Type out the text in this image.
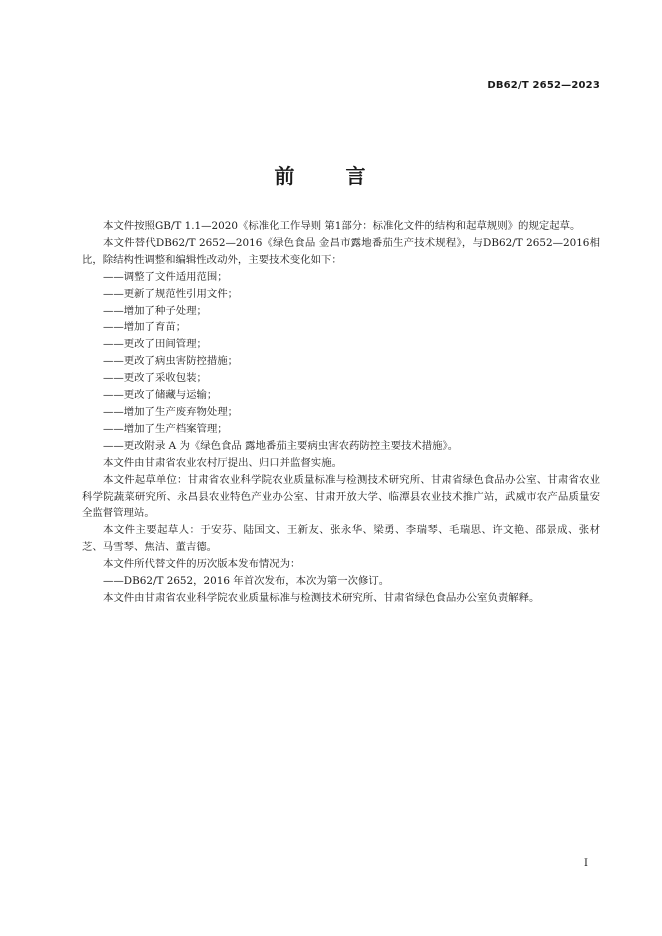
DB62/T 2652—2023
前 言

本文件按照GB/T 1.1—2020《标准化工作导则 第1部分：标准化文件的结构和起草规则》的规定起草。

本文件替代DB62/T 2652—2016《绿色食品 金昌市露地番茄生产技术规程》，与DB62/T 2652—2016相比，除结构性调整和编辑性改动外，主要技术变化如下：

——调整了文件适用范围；

——更新了规范性引用文件；

——增加了种子处理；

——增加了育苗；

——更改了田间管理；

——更改了病虫害防控措施；

——更改了采收包装；

——更改了储藏与运输；

——增加了生产废弃物处理；

——增加了生产档案管理；

——更改附录 A 为《绿色食品 露地番茄主要病虫害农药防控主要技术措施》。

本文件由甘肃省农业农村厅提出、归口并监督实施。

本文件起草单位：甘肃省农业科学院农业质量标准与检测技术研究所、甘肃省绿色食品办公室、甘肃省农业科学院蔬菜研究所、永昌县农业特色产业办公室、甘肃开放大学、临潭县农业技术推广站，武威市农产品质量安全监督管理站。

本文件主要起草人：于安芬、陆国文、王新友、张永华、梁勇、李瑞琴、毛瑞思、许文艳、邵景成、张材芝、马雪琴、焦洁、董吉德。

本文件所代替文件的历次版本发布情况为：

——DB62/T 2652，2016 年首次发布，本次为第一次修订。

本文件由甘肃省农业科学院农业质量标准与检测技术研究所、甘肃省绿色食品办公室负责解释。

I
